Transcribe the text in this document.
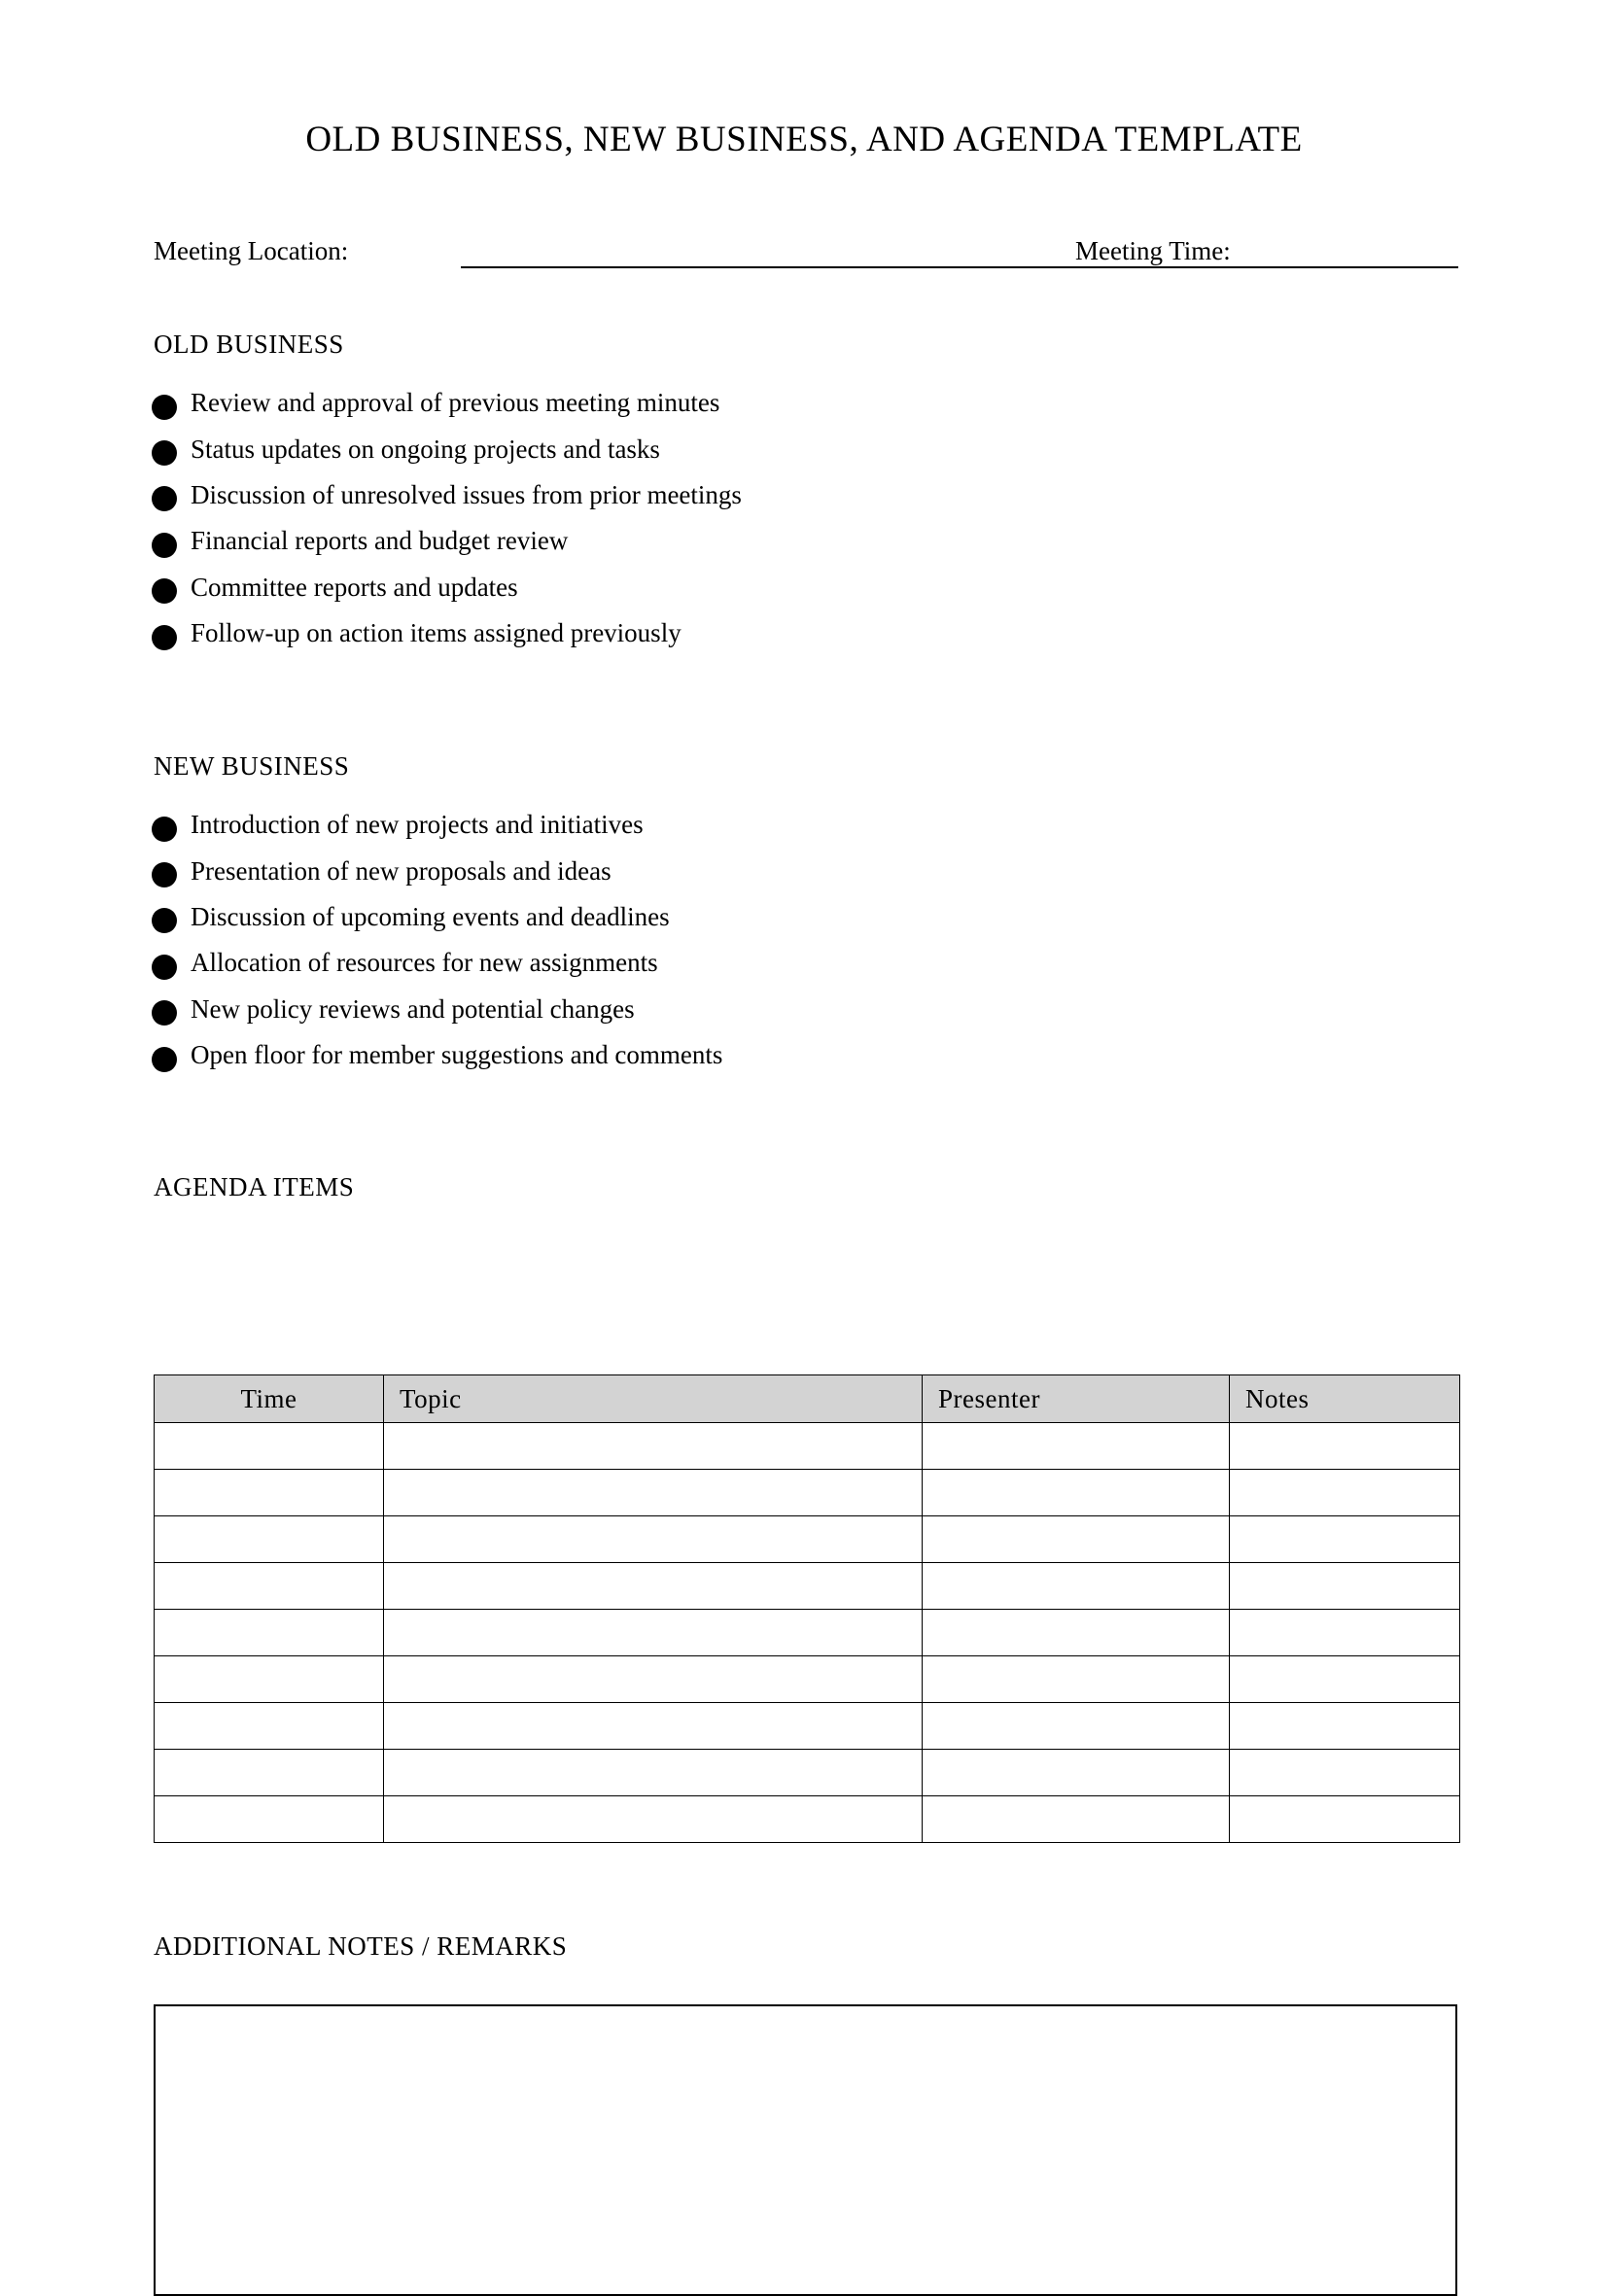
OLD BUSINESS, NEW BUSINESS, AND AGENDA TEMPLATE
Meeting Location:	Meeting Time:
OLD BUSINESS
Review and approval of previous meeting minutes
Status updates on ongoing projects and tasks
Discussion of unresolved issues from prior meetings
Financial reports and budget review
Committee reports and updates
Follow-up on action items assigned previously
NEW BUSINESS
Introduction of new projects and initiatives
Presentation of new proposals and ideas
Discussion of upcoming events and deadlines
Allocation of resources for new assignments
New policy reviews and potential changes
Open floor for member suggestions and comments
AGENDA ITEMS
Time	Topic	Presenter	Notes

ADDITIONAL NOTES / REMARKS
